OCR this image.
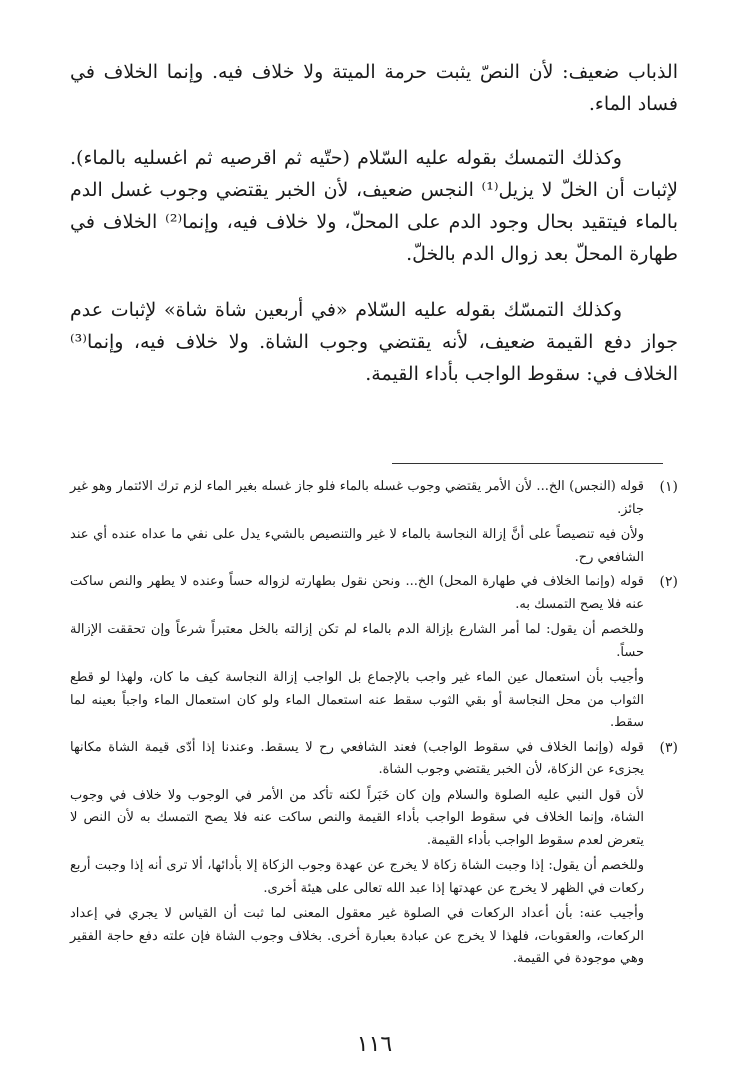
الذباب ضعيف: لأن النصّ يثبت حرمة الميتة ولا خلاف فيه. وإنما الخلاف في فساد الماء.

وكذلك التمسك بقوله عليه السّلام (حتّيه ثم اقرصيه ثم اغسليه بالماء). لإثبات أن الخلّ لا يزيل⁽¹⁾ النجس ضعيف، لأن الخبر يقتضي وجوب غسل الدم بالماء فيتقيد بحال وجود الدم على المحلّ، ولا خلاف فيه، وإنما⁽²⁾ الخلاف في طهارة المحلّ بعد زوال الدم بالخلّ.

وكذلك التمسّك بقوله عليه السّلام «في أربعين شاة شاة» لإثبات عدم جواز دفع القيمة ضعيف، لأنه يقتضي وجوب الشاة. ولا خلاف فيه، وإنما⁽³⁾ الخلاف في: سقوط الواجب بأداء القيمة.

(١)

قوله (النجس) الخ... لأن الأمر يقتضي وجوب غسله بالماء فلو جاز غسله بغير الماء لزم ترك الائتمار وهو غير جائز.

ولأن فيه تنصيصاً على أنَّ إزالة النجاسة بالماء لا غير والتنصيص بالشيء يدل على نفي ما عداه عنده أي عند الشافعي رح.

(٢)

قوله (وإنما الخلاف في طهارة المحل) الخ... ونحن نقول بطهارته لزواله حساً وعنده لا يطهر والنص ساكت عنه فلا يصح التمسك به.

وللخصم أن يقول: لما أمر الشارع بإزالة الدم بالماء لم تكن إزالته بالخل معتبراً شرعاً وإن تحققت الإزالة حساً.

وأجيب بأن استعمال عين الماء غير واجب بالإجماع بل الواجب إزالة النجاسة كيف ما كان، ولهذا لو قطع الثواب من محل النجاسة أو بقي الثوب سقط عنه استعمال الماء ولو كان استعمال الماء واجباً بعينه لما سقط.

(٣)

قوله (وإنما الخلاف في سقوط الواجب) فعند الشافعي رح لا يسقط. وعندنا إذا أدّى قيمة الشاة مكانها يجزىء عن الزكاة، لأن الخبر يقتضي وجوب الشاة.

لأن قول النبي عليه الصلوة والسلام وإن كان خَبَراً لكنه تأكد من الأمر في الوجوب ولا خلاف في وجوب الشاة، وإنما الخلاف في سقوط الواجب بأداء القيمة والنص ساكت عنه فلا يصح التمسك به لأن النص لا يتعرض لعدم سقوط الواجب بأداء القيمة.

وللخصم أن يقول: إذا وجبت الشاة زكاة لا يخرج عن عهدة وجوب الزكاة إلا بأدائها، ألا ترى أنه إذا وجبت أربع ركعات في الظهر لا يخرج عن عهدتها إذا عبد الله تعالى على هيئة أخرى.

وأجيب عنه: بأن أعداد الركعات في الصلوة غير معقول المعنى لما ثبت أن القياس لا يجري في إعداد الركعات، والعقوبات، فلهذا لا يخرج عن عبادة بعبارة أخرى. بخلاف وجوب الشاة فإن علته دفع حاجة الفقير وهي موجودة في القيمة.

١١٦
